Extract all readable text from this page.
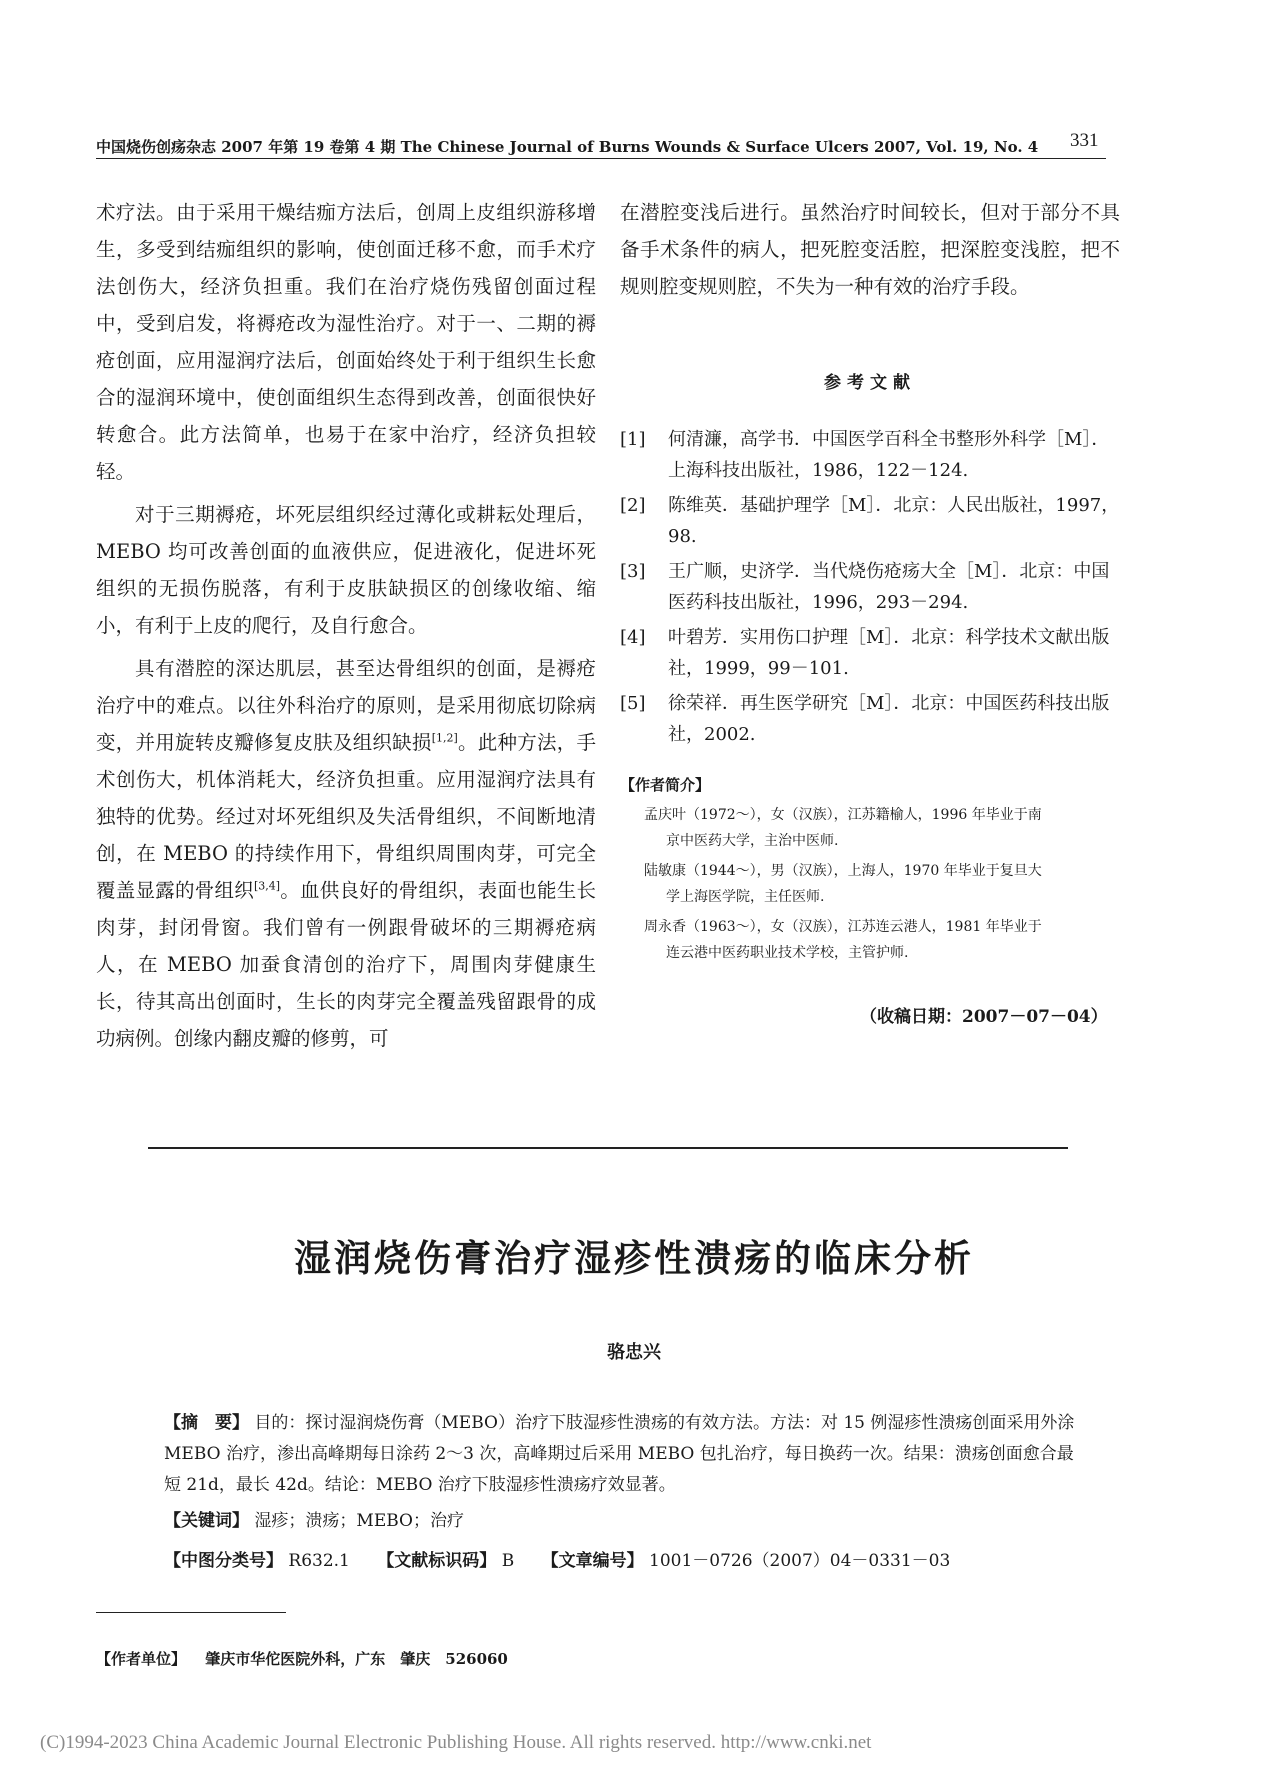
中国烧伤创疡杂志 2007 年第 19 卷第 4 期 The Chinese Journal of Burns Wounds & Surface Ulcers 2007, Vol. 19, No. 4	331

术疗法。由于采用干燥结痂方法后，创周上皮组织游移增生，多受到结痂组织的影响，使创面迁移不愈，而手术疗法创伤大，经济负担重。我们在治疗烧伤残留创面过程中，受到启发，将褥疮改为湿性治疗。对于一、二期的褥疮创面，应用湿润疗法后，创面始终处于利于组织生长愈合的湿润环境中，使创面组织生态得到改善，创面很快好转愈合。此方法简单，也易于在家中治疗，经济负担较轻。

对于三期褥疮，坏死层组织经过薄化或耕耘处理后，MEBO 均可改善创面的血液供应，促进液化，促进坏死组织的无损伤脱落，有利于皮肤缺损区的创缘收缩、缩小，有利于上皮的爬行，及自行愈合。

具有潜腔的深达肌层，甚至达骨组织的创面，是褥疮治疗中的难点。以往外科治疗的原则，是采用彻底切除病变，并用旋转皮瓣修复皮肤及组织缺损[1,2]。此种方法，手术创伤大，机体消耗大，经济负担重。应用湿润疗法具有独特的优势。经过对坏死组织及失活骨组织，不间断地清创，在 MEBO 的持续作用下，骨组织周围肉芽，可完全覆盖显露的骨组织[3,4]。血供良好的骨组织，表面也能生长肉芽，封闭骨窗。我们曾有一例跟骨破坏的三期褥疮病人，在 MEBO 加蚕食清创的治疗下，周围肉芽健康生长，待其高出创面时，生长的肉芽完全覆盖残留跟骨的成功病例。创缘内翻皮瓣的修剪，可

在潜腔变浅后进行。虽然治疗时间较长，但对于部分不具备手术条件的病人，把死腔变活腔，把深腔变浅腔，把不规则腔变规则腔，不失为一种有效的治疗手段。

参考文献
[1]	何清濂，高学书．中国医学百科全书整形外科学［M］．上海科技出版社，1986，122－124.
[2]	陈维英．基础护理学［M］．北京：人民出版社，1997，98.
[3]	王广顺，史济学．当代烧伤疮疡大全［M］．北京：中国医药科技出版社，1996，293－294.
[4]	叶碧芳．实用伤口护理［M］．北京：科学技术文献出版社，1999，99－101.
[5]	徐荣祥．再生医学研究［M］．北京：中国医药科技出版社，2002.
【作者简介】
孟庆叶（1972～），女（汉族），江苏籍榆人，1996 年毕业于南
京中医药大学，主治中医师.
陆敏康（1944～），男（汉族），上海人，1970 年毕业于复旦大
学上海医学院，主任医师.
周永香（1963～），女（汉族），江苏连云港人，1981 年毕业于
连云港中医药职业技术学校，主管护师.
（收稿日期：2007－07－04）
湿润烧伤膏治疗湿疹性溃疡的临床分析
骆忠兴
【摘　要】 目的：探讨湿润烧伤膏（MEBO）治疗下肢湿疹性溃疡的有效方法。方法：对 15 例湿疹性溃疡创面采用外涂 MEBO 治疗，渗出高峰期每日涂药 2～3 次，高峰期过后采用 MEBO 包扎治疗，每日换药一次。结果：溃疡创面愈合最短 21d，最长 42d。结论：MEBO 治疗下肢湿疹性溃疡疗效显著。
【关键词】 湿疹；溃疡；MEBO；治疗
【中图分类号】 R632.1 【文献标识码】 B 【文章编号】 1001－0726（2007）04－0331－03
【作者单位】 肇庆市华佗医院外科，广东　肇庆　526060
(C)1994-2023 China Academic Journal Electronic Publishing House. All rights reserved. http://www.cnki.net
